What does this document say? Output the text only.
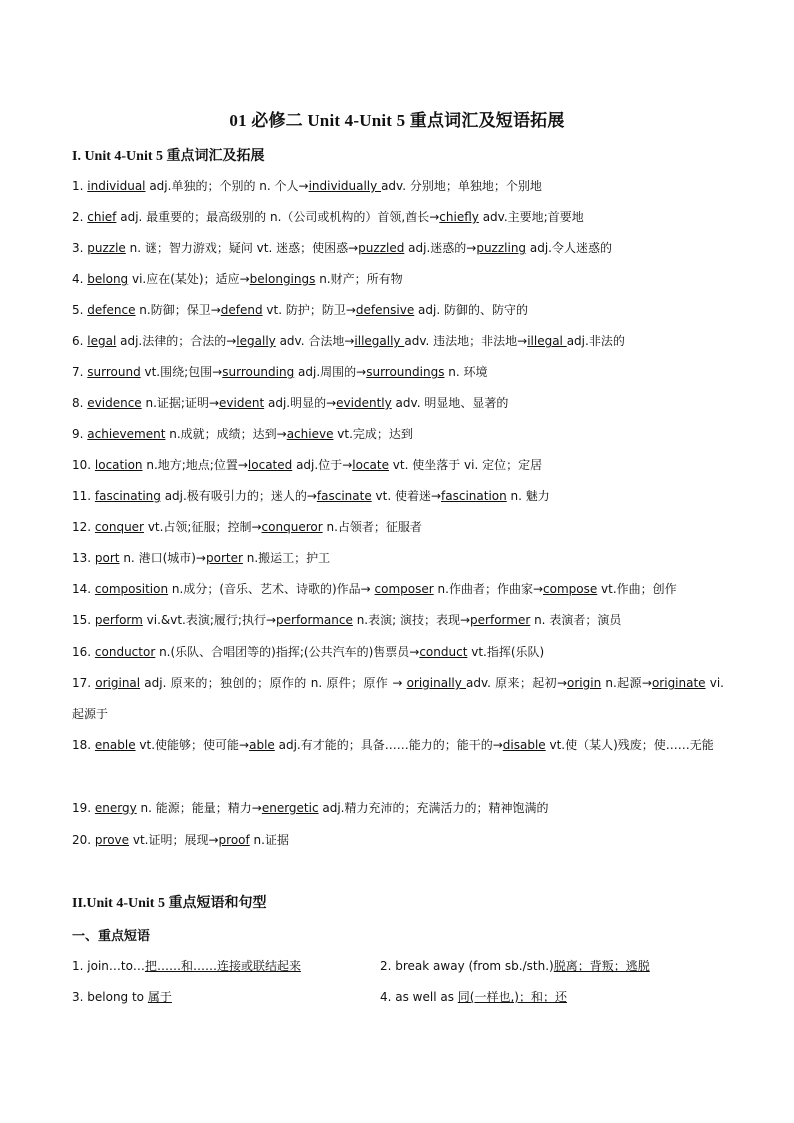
01 必修二 Unit 4-Unit 5 重点词汇及短语拓展
I. Unit 4-Unit 5 重点词汇及拓展
1. individual adj.单独的；个别的 n. 个人→individually adv. 分别地；单独地；个别地
2. chief adj. 最重要的；最高级别的 n.（公司或机构的）首领,酋长→chiefly adv.主要地;首要地
3. puzzle n. 谜；智力游戏；疑问 vt. 迷惑；使困惑→puzzled adj.迷惑的→puzzling adj.令人迷惑的
4. belong vi.应在(某处)；适应→belongings n.财产；所有物
5. defence n.防御；保卫→defend vt. 防护；防卫→defensive adj. 防御的、防守的
6. legal adj.法律的；合法的→legally adv. 合法地→illegally adv. 违法地；非法地→illegal adj.非法的
7. surround vt.围绕;包围→surrounding adj.周围的→surroundings n. 环境
8. evidence n.证据;证明→evident adj.明显的→evidently adv. 明显地、显著的
9. achievement n.成就；成绩；达到→achieve vt.完成；达到
10. location n.地方;地点;位置→located adj.位于→locate vt. 使坐落于 vi. 定位；定居
11. fascinating adj.极有吸引力的；迷人的→fascinate vt. 使着迷→fascination n. 魅力
12. conquer vt.占领;征服；控制→conqueror n.占领者；征服者
13. port n. 港口(城市)→porter n.搬运工；护工
14. composition n.成分；(音乐、艺术、诗歌的)作品→ composer n.作曲者；作曲家→compose vt.作曲；创作
15. perform vi.&vt.表演;履行;执行→performance n.表演; 演技；表现→performer n. 表演者；演员
16. conductor n.(乐队、合唱团等的)指挥;(公共汽车的)售票员→conduct vt.指挥(乐队)
17. original adj. 原来的；独创的；原作的 n. 原件；原作 → originally adv. 原来；起初→origin n.起源→originate vi. 起源于
18. enable vt.使能够；使可能→able adj.有才能的；具备……能力的；能干的→disable vt.使（某人)残废；使……无能
19. energy n. 能源；能量；精力→energetic adj.精力充沛的；充满活力的；精神饱满的
20. prove vt.证明；展现→proof n.证据
II.Unit 4-Unit 5 重点短语和句型
一、重点短语
1. join…to…把……和……连接或联结起来	2. break away (from sb./sth.)脱离；背叛；逃脱
3. belong to 属于	4. as well as 同(一样也,)；和；还
